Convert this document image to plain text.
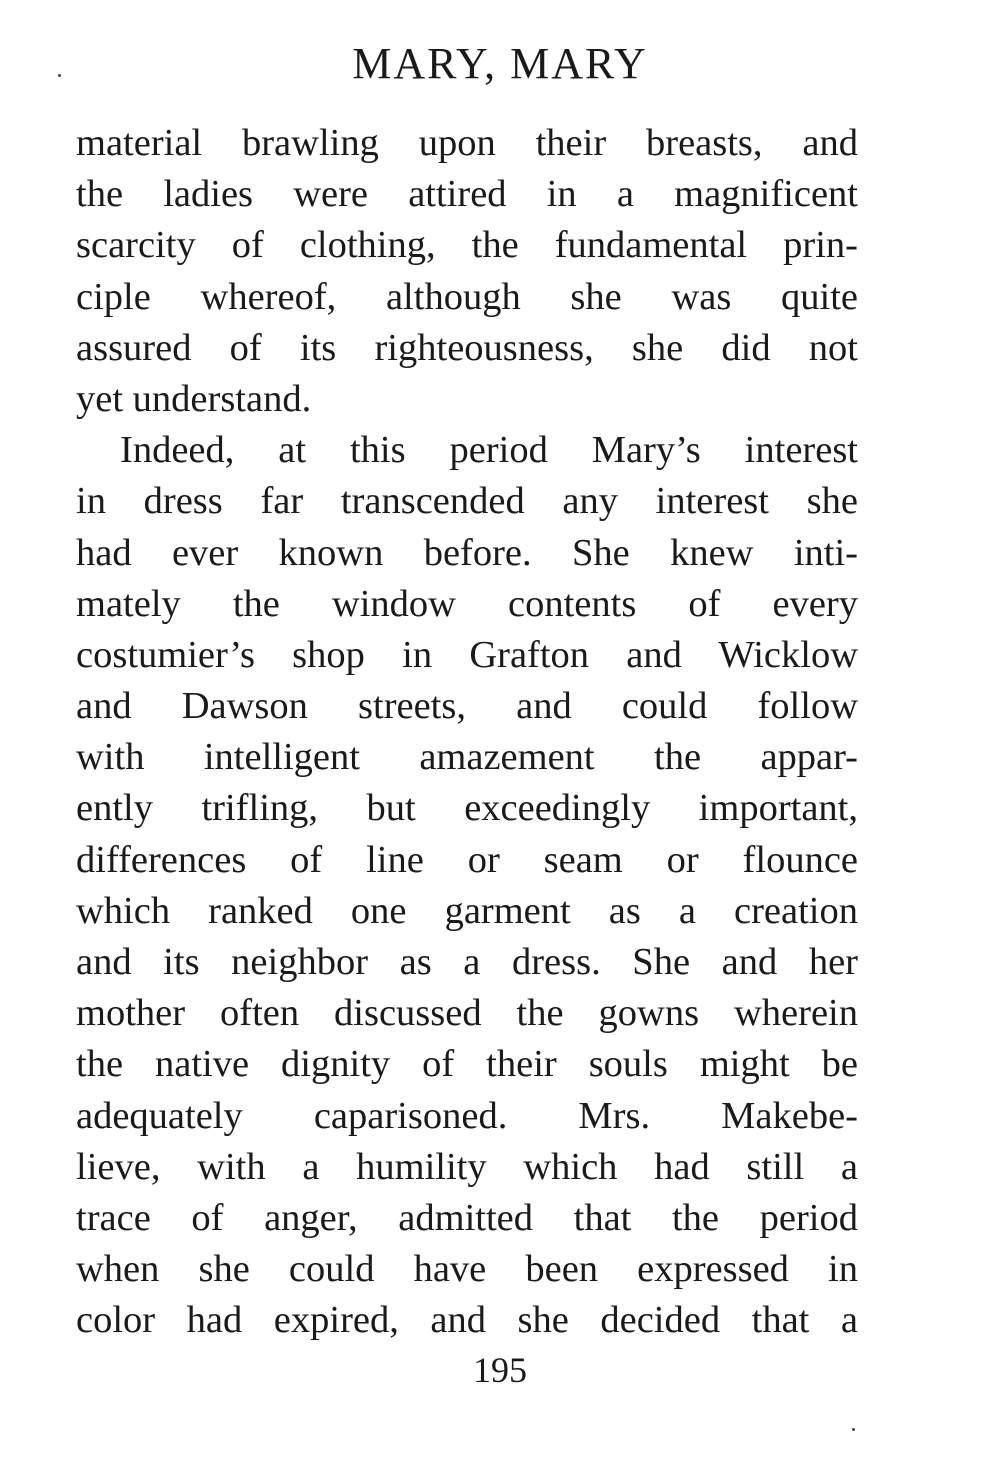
MARY, MARY
material brawling upon their breasts, and
the ladies were attired in a magnificent
scarcity of clothing, the fundamental prin-
ciple whereof, although she was quite
assured of its righteousness, she did not
yet understand.
Indeed, at this period Mary’s interest
in dress far transcended any interest she
had ever known before. She knew inti-
mately the window contents of every
costumier’s shop in Grafton and Wicklow
and Dawson streets, and could follow
with intelligent amazement the appar-
ently trifling, but exceedingly important,
differences of line or seam or flounce
which ranked one garment as a creation
and its neighbor as a dress. She and her
mother often discussed the gowns wherein
the native dignity of their souls might be
adequately caparisoned. Mrs. Makebe-
lieve, with a humility which had still a
trace of anger, admitted that the period
when she could have been expressed in
color had expired, and she decided that a
195
